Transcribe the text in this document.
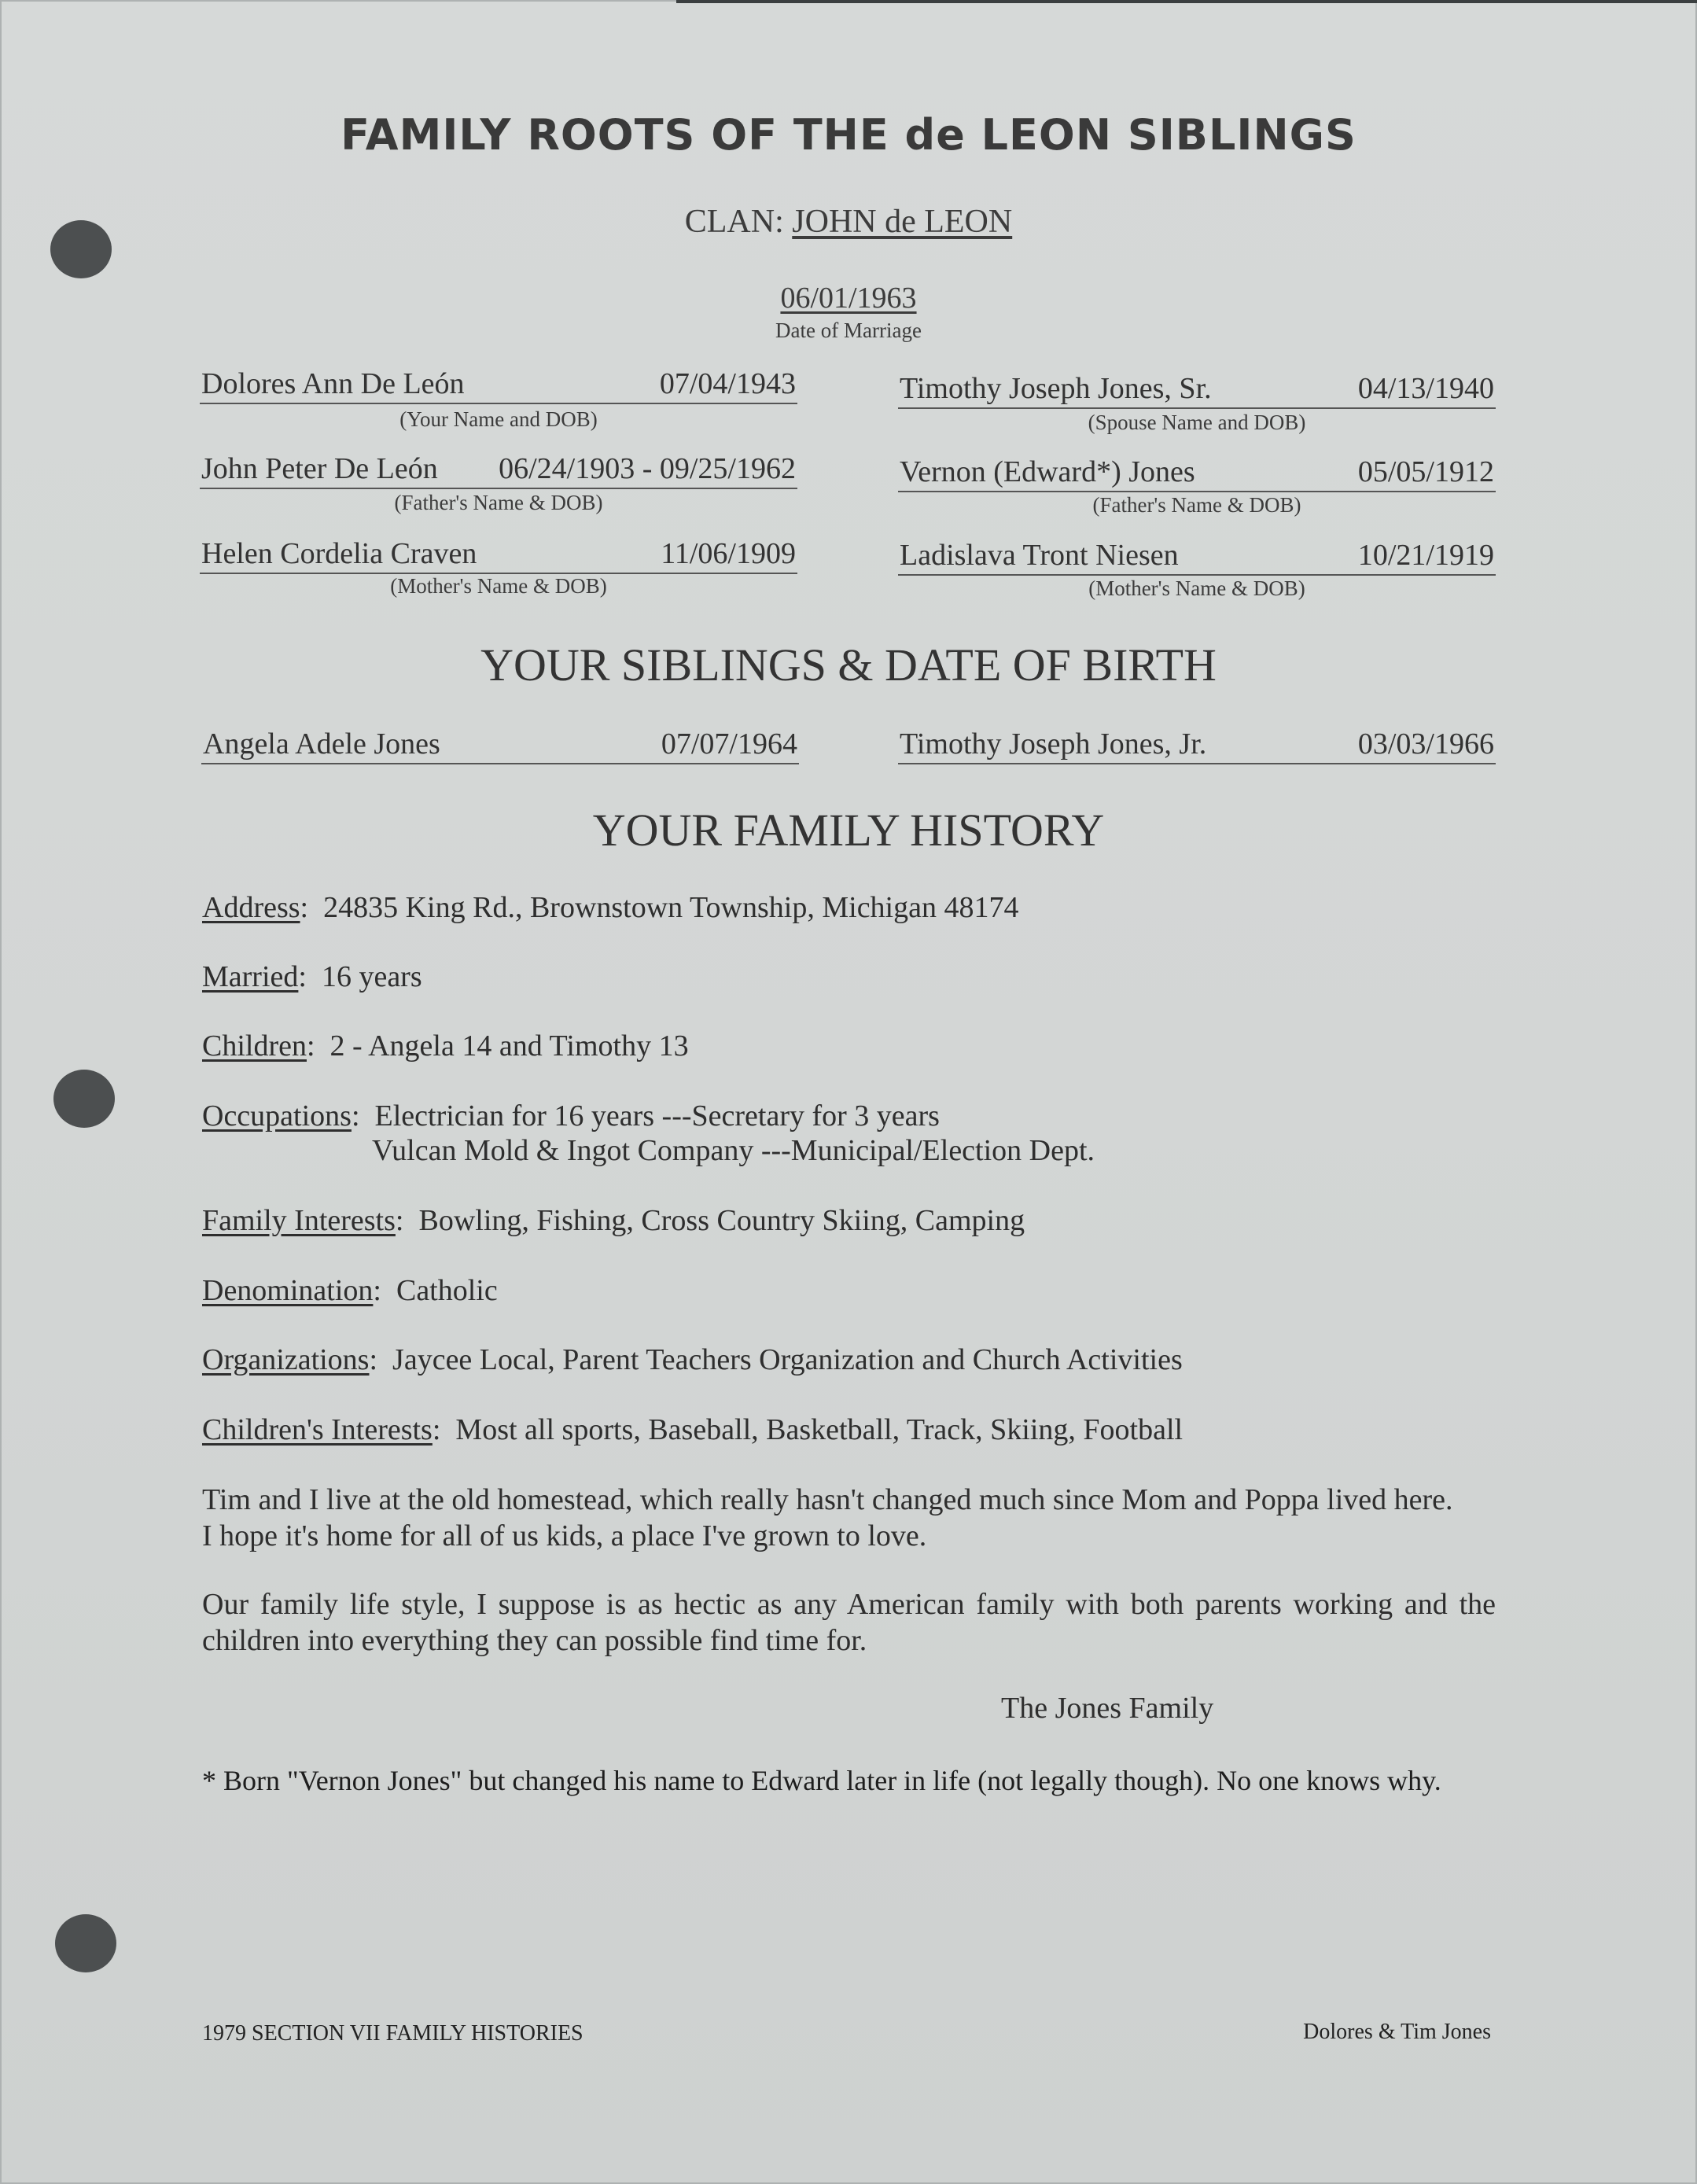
FAMILY ROOTS OF THE de LEON SIBLINGS
CLAN: JOHN de LEON
06/01/1963
Date of Marriage
Dolores Ann De León	07/04/1943
(Your Name and DOB)
Timothy Joseph Jones, Sr.	04/13/1940
(Spouse Name and DOB)
John Peter De León 06/24/1903 - 09/25/1962
(Father's Name & DOB)
Vernon (Edward*) Jones	05/05/1912
(Father's Name & DOB)
Helen Cordelia Craven	11/06/1909
(Mother's Name & DOB)
Ladislava Tront Niesen	10/21/1919
(Mother's Name & DOB)
YOUR SIBLINGS & DATE OF BIRTH
Angela Adele Jones	07/07/1964	Timothy Joseph Jones, Jr.	03/03/1966
YOUR FAMILY HISTORY
Address:  24835 King Rd., Brownstown Township, Michigan 48174
Married:  16 years
Children:  2 - Angela 14 and Timothy 13
Occupations:  Electrician for 16 years ---Secretary for 3 years
Vulcan Mold & Ingot Company ---Municipal/Election Dept.
Family Interests:  Bowling, Fishing, Cross Country Skiing, Camping
Denomination:  Catholic
Organizations:  Jaycee Local, Parent Teachers Organization and Church Activities
Children's Interests:  Most all sports, Baseball, Basketball, Track, Skiing, Football
Tim and I live at the old homestead, which really hasn't changed much since Mom and Poppa lived here.
I hope it's home for all of us kids, a place I've grown to love.
Our family life style, I suppose is as hectic as any American family with both parents working and the children into everything they can possible find time for.
The Jones Family
* Born "Vernon Jones" but changed his name to Edward later in life (not legally though). No one knows why.
1979 SECTION VII FAMILY HISTORIES	Dolores & Tim Jones
